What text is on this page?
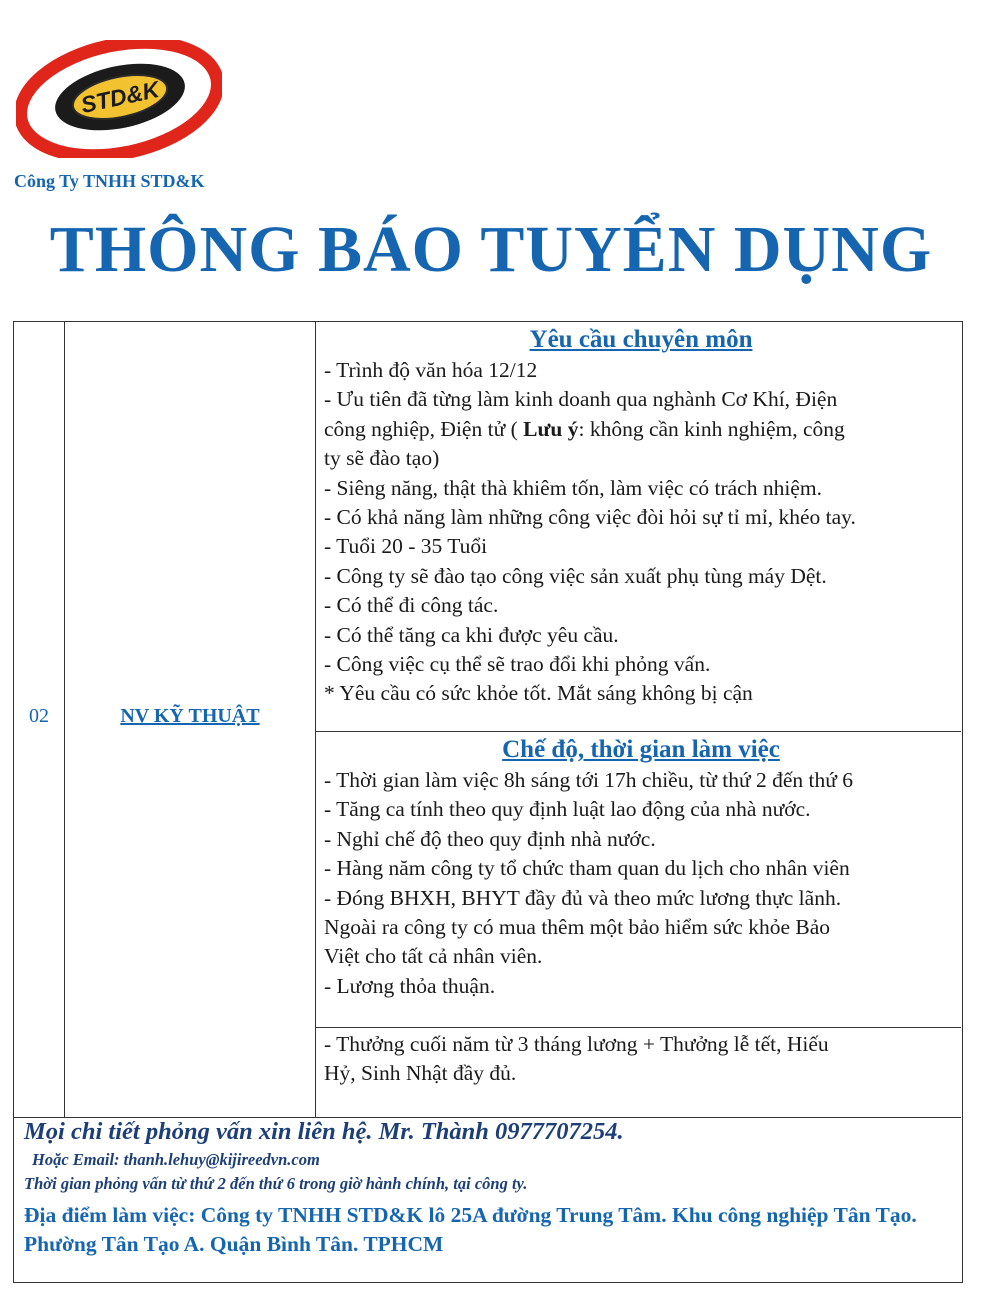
STD&K
Công Ty TNHH STD&K
THÔNG BÁO TUYỂN DỤNG
02	NV KỸ THUẬT
Yêu cầu chuyên môn

- Trình độ văn hóa 12/12

- Ưu tiên đã từng làm kinh doanh qua nghành Cơ Khí, Điện

công nghiệp, Điện tử ( Lưu ý: không cần kinh nghiệm, công

ty sẽ đào tạo)

- Siêng năng, thật thà khiêm tốn, làm việc có trách nhiệm.

- Có khả năng làm những công việc đòi hỏi sự tỉ mỉ, khéo tay.

- Tuổi 20 - 35 Tuổi

- Công ty sẽ đào tạo công việc sản xuất phụ tùng máy Dệt.

- Có thể đi công tác.

- Có thể tăng ca khi được yêu cầu.

- Công việc cụ thể sẽ trao đổi khi phỏng vấn.

* Yêu cầu có sức khỏe tốt. Mắt sáng không bị cận

Chế độ, thời gian làm việc

- Thời gian làm việc 8h sáng tới 17h chiều, từ thứ 2 đến thứ 6

- Tăng ca tính theo quy định luật lao động của nhà nước.

- Nghỉ chế độ theo quy định nhà nước.

- Hàng năm công ty tổ chức tham quan du lịch cho nhân viên

- Đóng BHXH, BHYT đầy đủ và theo mức lương thực lãnh.

Ngoài ra công ty có mua thêm một bảo hiểm sức khỏe Bảo

Việt cho tất cả nhân viên.

- Lương thỏa thuận.

- Thưởng cuối năm từ 3 tháng lương + Thưởng lễ tết, Hiếu

Hỷ, Sinh Nhật đầy đủ.

Mọi chi tiết phỏng vấn xin liên hệ. Mr. Thành 0977707254.
Hoặc Email: thanh.lehuy@kijireedvn.com
Thời gian phỏng vấn từ thứ 2 đến thứ 6 trong giờ hành chính, tại công ty.
Địa điểm làm việc: Công ty TNHH STD&K lô 25A đường Trung Tâm. Khu công nghiệp Tân Tạo. Phường Tân Tạo A. Quận Bình Tân. TPHCM
